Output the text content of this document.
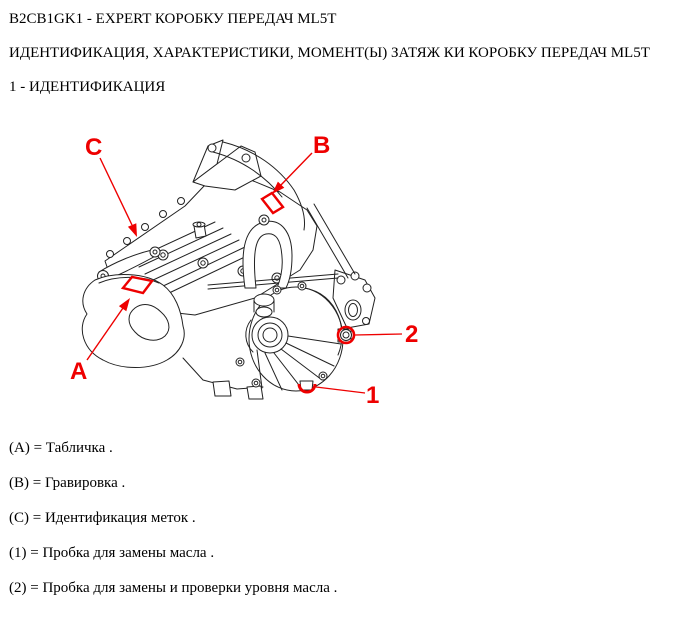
B2CB1GK1 - EXPERT КОРОБКУ ПЕРЕДАЧ ML5T

ИДЕНТИФИКАЦИЯ, ХАРАКТЕРИСТИКИ, МОМЕНТ(Ы) ЗАТЯЖ КИ КОРОБКУ ПЕРЕДАЧ ML5T

1 - ИДЕНТИФИКАЦИЯ

C	B
A
2
1

(A) = Табличка .

(B) = Гравировка .

(C) = Идентификация меток .

(1) = Пробка для замены масла .

(2) = Пробка для замены и проверки уровня масла .
